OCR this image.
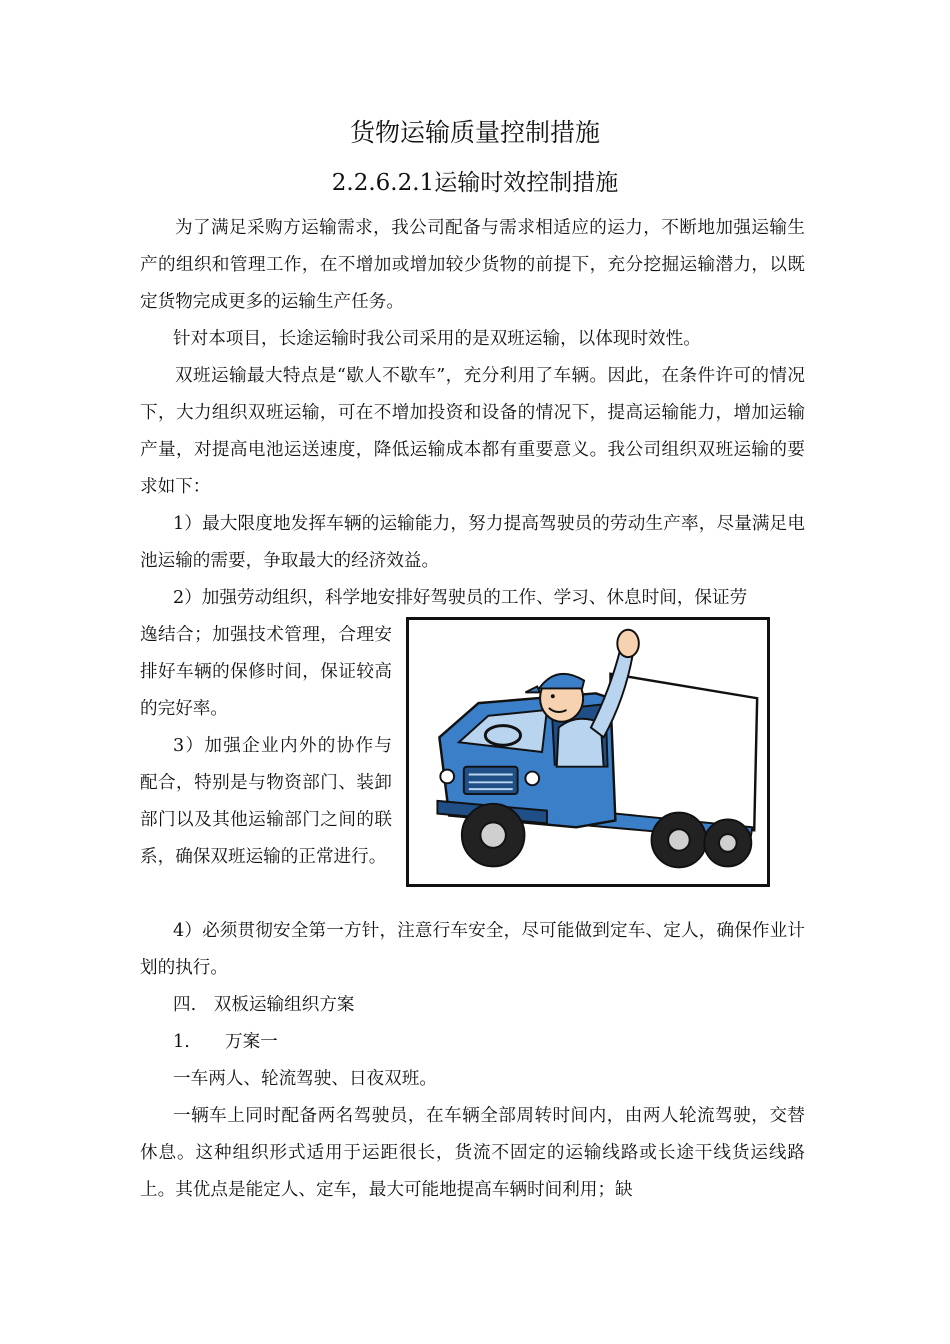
货物运输质量控制措施
2.2.6.2.1运输时效控制措施

为了满足采购方运输需求，我公司配备与需求相适应的运力，不断地加强运输生产的组织和管理工作，在不增加或增加较少货物的前提下，充分挖掘运输潜力，以既定货物完成更多的运输生产任务。

针对本项目，长途运输时我公司采用的是双班运输，以体现时效性。

双班运输最大特点是“歇人不歇车”，充分利用了车辆。因此，在条件许可的情况下，大力组织双班运输，可在不增加投资和设备的情况下，提高运输能力，增加运输产量，对提高电池运送速度，降低运输成本都有重要意义。我公司组织双班运输的要求如下：

1）最大限度地发挥车辆的运输能力，努力提高驾驶员的劳动生产率，尽量满足电池运输的需要，争取最大的经济效益。

2）加强劳动组织，科学地安排好驾驶员的工作、学习、休息时间，保证劳

逸结合；加强技术管理，合理安排好车辆的保修时间，保证较高的完好率。

3）加强企业内外的协作与配合，特别是与物资部门、装卸部门以及其他运输部门之间的联系，确保双班运输的正常进行。

4）必须贯彻安全第一方针，注意行车安全，尽可能做到定车、定人，确保作业计划的执行。

四.　双板运输组织方案

1.　　万案一

一车两人、轮流驾驶、日夜双班。

一辆车上同时配备两名驾驶员，在车辆全部周转时间内，由两人轮流驾驶，交替休息。这种组织形式适用于运距很长，货流不固定的运输线路或长途干线货运线路上。其优点是能定人、定车，最大可能地提高车辆时间利用；缺
